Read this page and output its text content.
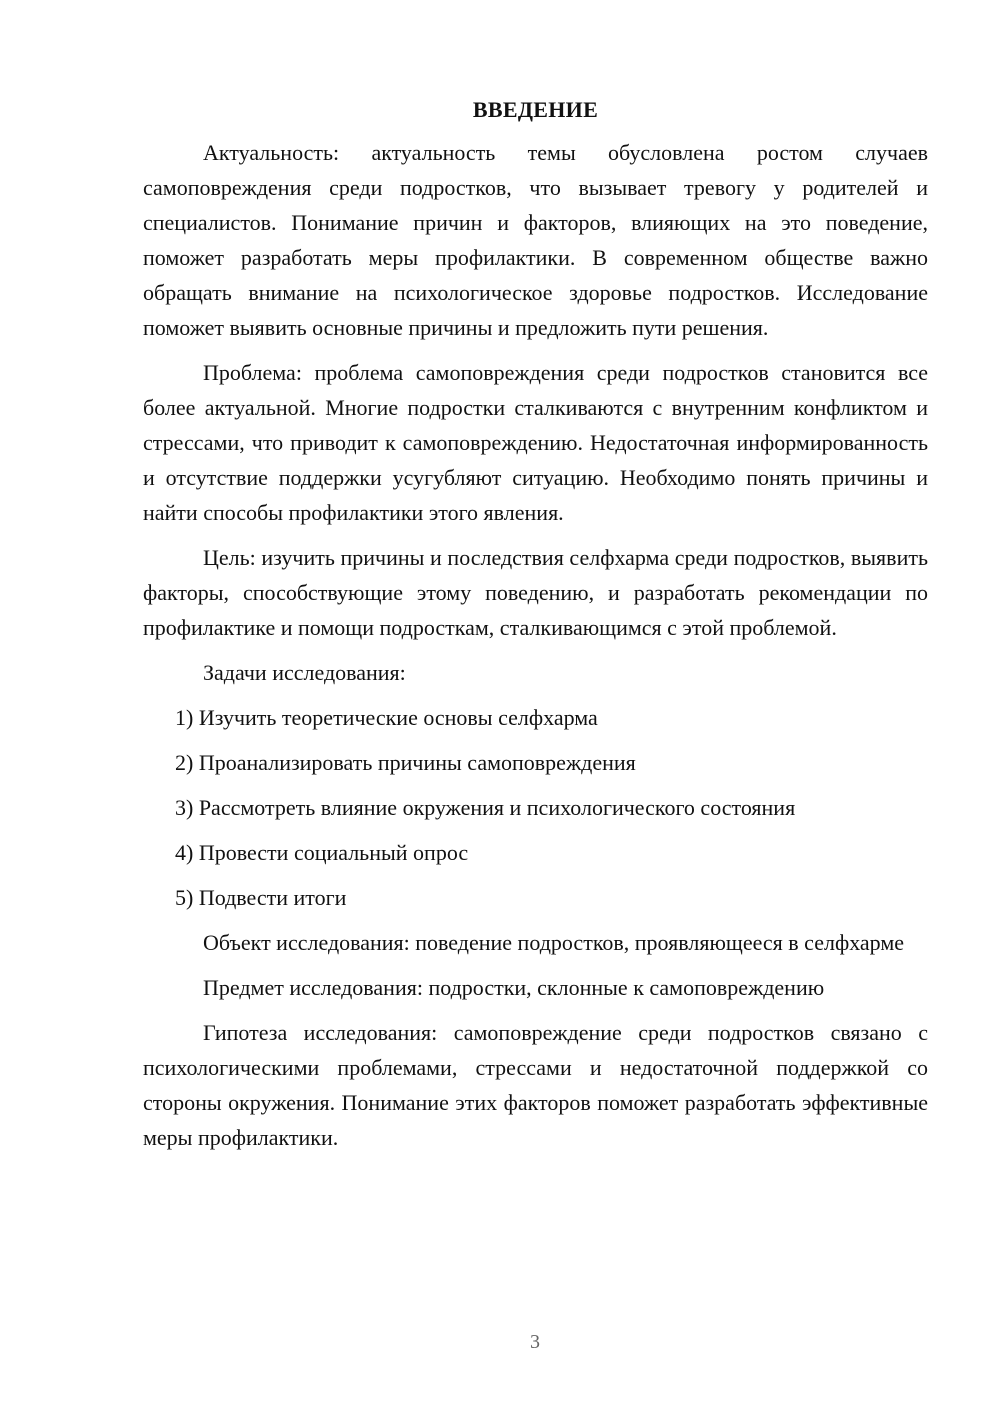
ВВЕДЕНИЕ

Актуальность: актуальность темы обусловлена ростом случаев самоповреждения среди подростков, что вызывает тревогу у родителей и специалистов. Понимание причин и факторов, влияющих на это поведение, поможет разработать меры профилактики. В современном обществе важно обращать внимание на психологическое здоровье подростков. Исследование поможет выявить основные причины и предложить пути решения.

Проблема: проблема самоповреждения среди подростков становится все более актуальной. Многие подростки сталкиваются с внутренним конфликтом и стрессами, что приводит к самоповреждению. Недостаточная информированность и отсутствие поддержки усугубляют ситуацию. Необходимо понять причины и найти способы профилактики этого явления.

Цель: изучить причины и последствия селфхарма среди подростков, выявить факторы, способствующие этому поведению, и разработать рекомендации по профилактике и помощи подросткам, сталкивающимся с этой проблемой.

Задачи исследования:
1) Изучить теоретические основы селфхарма
2) Проанализировать причины самоповреждения
3) Рассмотреть влияние окружения и психологического состояния
4) Провести социальный опрос
5) Подвести итоги

Объект исследования: поведение подростков, проявляющееся в селфхарме

Предмет исследования: подростки, склонные к самоповреждению

Гипотеза исследования: самоповреждение среди подростков связано с психологическими проблемами, стрессами и недостаточной поддержкой со стороны окружения. Понимание этих факторов поможет разработать эффективные меры профилактики.

3
